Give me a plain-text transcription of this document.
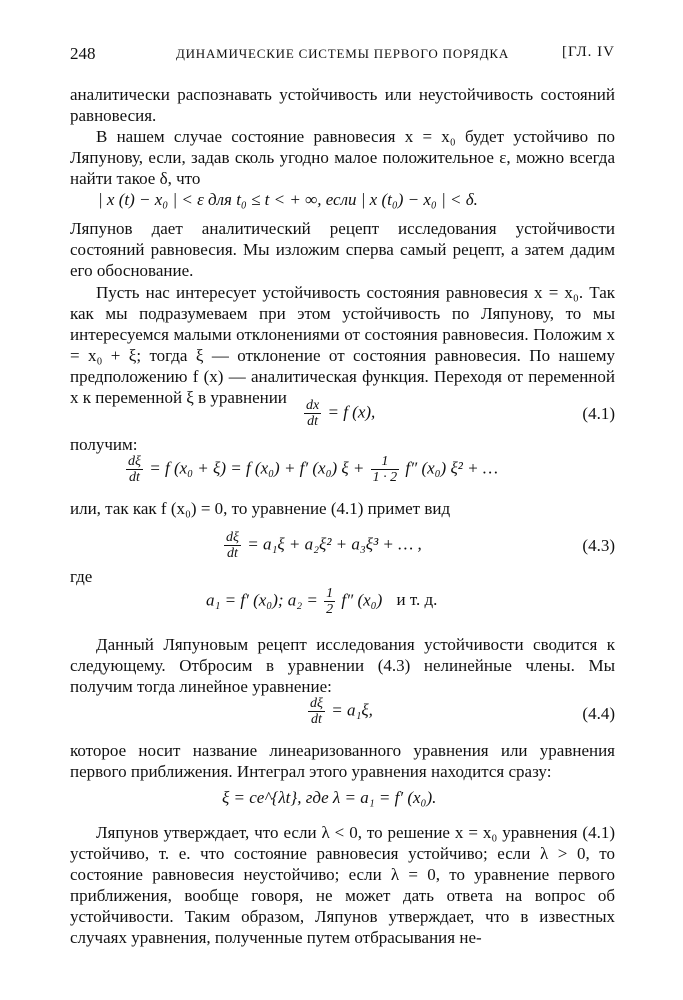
248	ДИНАМИЧЕСКИЕ СИСТЕМЫ ПЕРВОГО ПОРЯДКА	[ГЛ. IV

аналитически распознавать устойчивость или неустойчивость состояний равновесия.

В нашем случае состояние равновесия x = x₀ будет устойчиво по Ляпунову, если, задав сколь угодно малое положительное ε, можно всегда найти такое δ, что

| x (t) − x₀ | < ε для t₀ ≤ t < + ∞, если | x (t₀) − x₀ | < δ.

Ляпунов дает аналитический рецепт исследования устойчивости состояний равновесия. Мы изложим сперва самый рецепт, а затем дадим его обоснование.

Пусть нас интересует устойчивость состояния равновесия x = x₀. Так как мы подразумеваем при этом устойчивость по Ляпунову, то мы интересуемся малыми отклонениями от состояния равновесия. Положим x = x₀ + ξ; тогда ξ — отклонение от состояния равновесия. По нашему предположению f (x) — аналитическая функция. Переходя от переменной x к переменной ξ в уравнении

$\frac{dx}{dt} = f$ (x),	(4.1)

получим:

$\frac{d\xi}{dt} = f$ (x₀ + ξ) = f (x₀) + f′ (x₀) $\xi + \frac{1}{1 \cdot 2} f''$ (x₀) ξ² + …

или, так как f (x₀) = 0, то уравнение (4.1) примет вид

$\frac{d\xi}{dt} = a_1\xi + a_2\xi^2 + a_3\xi^3$ + … ,	(4.3)

где

a₁ = f′ (x₀); $a_2 = \frac{1}{2} f''$ (x₀) и т. д.

Данный Ляпуновым рецепт исследования устойчивости сводится к следующему. Отбросим в уравнении (4.3) нелинейные члены. Мы получим тогда линейное уравнение:

$\frac{d\xi}{dt} = a_1\xi$,	(4.4)

которое носит название линеаризованного уравнения или уравнения первого приближения. Интеграл этого уравнения находится сразу:

ξ = ce^{λt}, где λ = a₁ = f′ (x₀).

Ляпунов утверждает, что если λ < 0, то решение x = x₀ уравнения (4.1) устойчиво, т. е. что состояние равновесия устойчиво; если λ > 0, то состояние равновесия неустойчиво; если λ = 0, то уравнение первого приближения, вообще говоря, не может дать ответа на вопрос об устойчивости. Таким образом, Ляпунов утверждает, что в известных случаях уравнения, полученные путем отбрасывания не-
